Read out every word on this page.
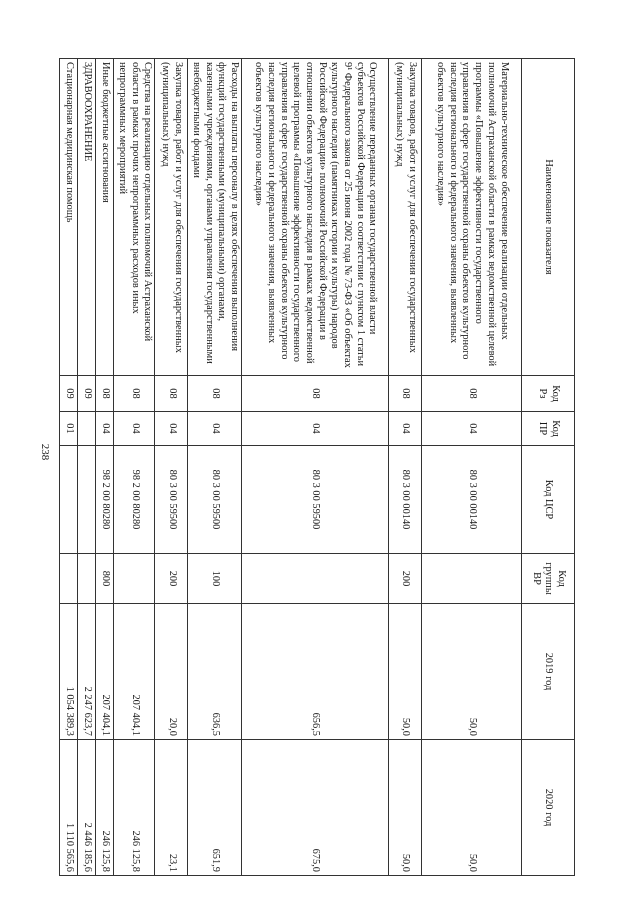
238
Наименование показателя	Код Рз	Код ПР	Код ЦСР	Код группы ВР	2019 год	2020 год
Материально-техническое обеспечение реализации отдельных полномочий Астраханской области в рамках ведомственной целевой программы «Повышение эффективности государственного управления в сфере государственной охраны объектов культурного наследия регионального и федерального значения, выявленных объектов культурного наследия»	08	04	80 3 00 00140		50,0	50,0
Закупка товаров, работ и услуг для обеспечения государственных (муниципальных) нужд	08	04	80 3 00 00140	200	50,0	50,0
Осуществление переданных органам государственной власти субъектов Российской Федерации в соответствии с пунктом 1 статьи 9¹ Федерального закона от 25 июня 2002 года № 73-ФЗ «Об объектах культурного наследия (памятниках истории и культуры) народов Российской Федерации» полномочий Российской Федерации в отношении объектов культурного наследия в рамках ведомственной целевой программы «Повышение эффективности государственного управления в сфере государственной охраны объектов культурного наследия регионального и федерального значения, выявленных объектов культурного наследия»	08	04	80 3 00 59500		656,5	675,0
Расходы на выплаты персоналу в целях обеспечения выполнения функций государственными (муниципальными) органами, казенными учреждениями, органами управления государственными внебюджетными фондами	08	04	80 3 00 59500	100	636,5	651,9
Закупка товаров, работ и услуг для обеспечения государственных (муниципальных) нужд	08	04	80 3 00 59500	200	20,0	23,1
Средства на реализацию отдельных полномочий Астраханской области в рамках прочих непрограммных расходов иных непрограммных мероприятий	08	04	98 2 00 80280		207 404,1	246 125,8
Иные бюджетные ассигнования	08	04	98 2 00 80280	800	207 404,1	246 125,8
ЗДРАВООХРАНЕНИЕ	09				2 247 623,7	2 446 185,6
Стационарная медицинская помощь	09	01			1 054 389,3	1 110 565,6
